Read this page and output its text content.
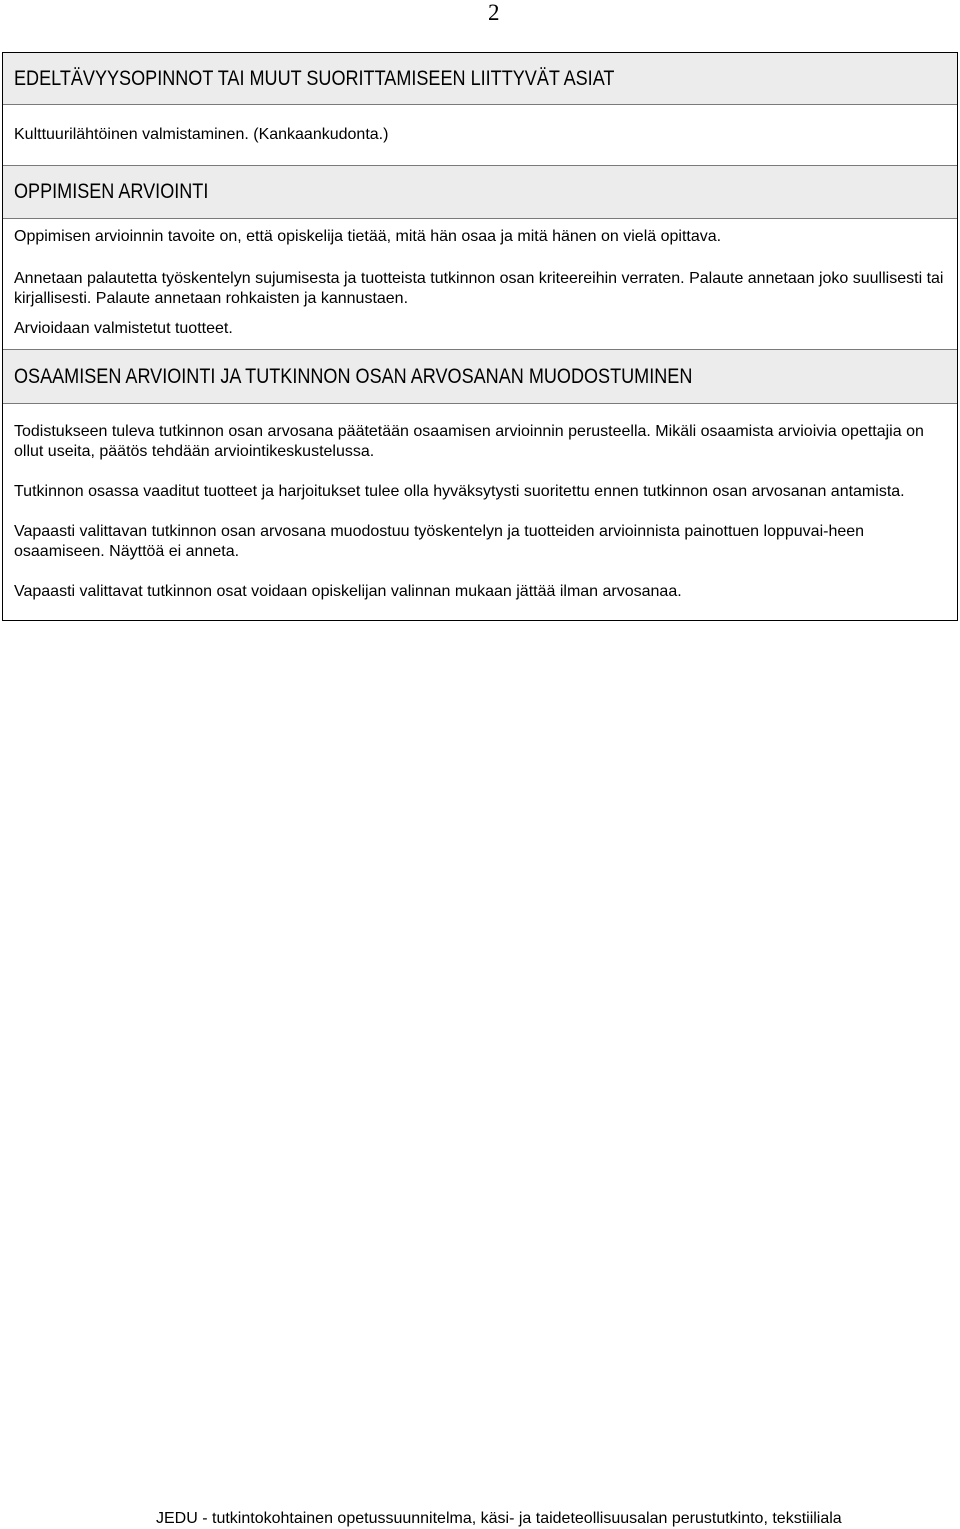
2
EDELTÄVYYSOPINNOT TAI MUUT SUORITTAMISEEN LIITTYVÄT ASIAT

Kulttuurilähtöinen valmistaminen. (Kankaankudonta.)

OPPIMISEN ARVIOINTI

Oppimisen arvioinnin tavoite on, että opiskelija tietää, mitä hän osaa ja mitä hänen on vielä opittava.

Annetaan palautetta työskentelyn sujumisesta ja tuotteista tutkinnon osan kriteereihin verraten. Palaute annetaan joko suullisesti tai kirjallisesti. Palaute annetaan rohkaisten ja kannustaen.

Arvioidaan valmistetut tuotteet.

OSAAMISEN ARVIOINTI JA TUTKINNON OSAN ARVOSANAN MUODOSTUMINEN

Todistukseen tuleva tutkinnon osan arvosana päätetään osaamisen arvioinnin perusteella. Mikäli osaamista arvioivia opettajia on ollut useita, päätös tehdään arviointikeskustelussa.

Tutkinnon osassa vaaditut tuotteet ja harjoitukset tulee olla hyväksytysti suoritettu ennen tutkinnon osan arvosanan antamista.

Vapaasti valittavan tutkinnon osan arvosana muodostuu työskentelyn ja tuotteiden arvioinnista painottuen loppuvai-heen osaamiseen. Näyttöä ei anneta.

Vapaasti valittavat tutkinnon osat voidaan opiskelijan valinnan mukaan jättää ilman arvosanaa.

JEDU - tutkintokohtainen opetussuunnitelma, käsi- ja taideteollisuusalan perustutkinto, tekstiiliala
